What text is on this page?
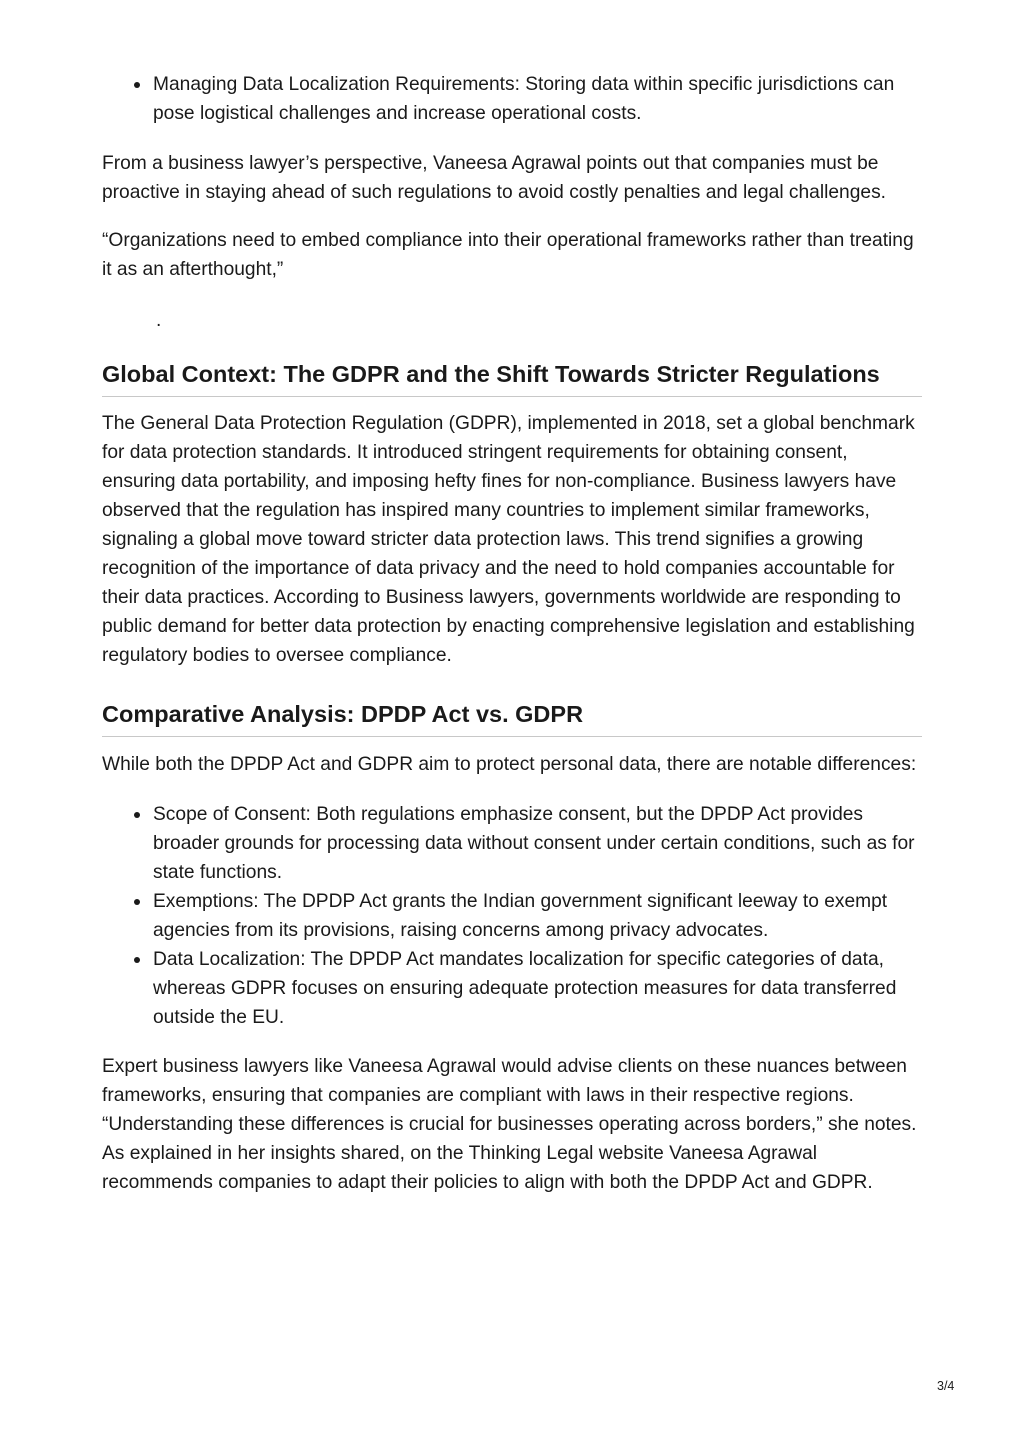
Managing Data Localization Requirements: Storing data within specific jurisdictions can pose logistical challenges and increase operational costs.

From a business lawyer’s perspective, Vaneesa Agrawal points out that companies must be proactive in staying ahead of such regulations to avoid costly penalties and legal challenges.

“Organizations need to embed compliance into their operational frameworks rather than treating it as an afterthought,”

.
Global Context: The GDPR and the Shift Towards Stricter Regulations

The General Data Protection Regulation (GDPR), implemented in 2018, set a global benchmark for data protection standards. It introduced stringent requirements for obtaining consent, ensuring data portability, and imposing hefty fines for non-compliance. Business lawyers have observed that the regulation has inspired many countries to implement similar frameworks, signaling a global move toward stricter data protection laws. This trend signifies a growing recognition of the importance of data privacy and the need to hold companies accountable for their data practices. According to Business lawyers, governments worldwide are responding to public demand for better data protection by enacting comprehensive legislation and establishing regulatory bodies to oversee compliance.

Comparative Analysis: DPDP Act vs. GDPR

While both the DPDP Act and GDPR aim to protect personal data, there are notable differences:

Scope of Consent: Both regulations emphasize consent, but the DPDP Act provides broader grounds for processing data without consent under certain conditions, such as for state functions.
Exemptions: The DPDP Act grants the Indian government significant leeway to exempt agencies from its provisions, raising concerns among privacy advocates.
Data Localization: The DPDP Act mandates localization for specific categories of data, whereas GDPR focuses on ensuring adequate protection measures for data transferred outside the EU.

Expert business lawyers like Vaneesa Agrawal would advise clients on these nuances between frameworks, ensuring that companies are compliant with laws in their respective regions. “Understanding these differences is crucial for businesses operating across borders,” she notes. As explained in her insights shared, on the Thinking Legal website Vaneesa Agrawal recommends companies to adapt their policies to align with both the DPDP Act and GDPR.

3/4
